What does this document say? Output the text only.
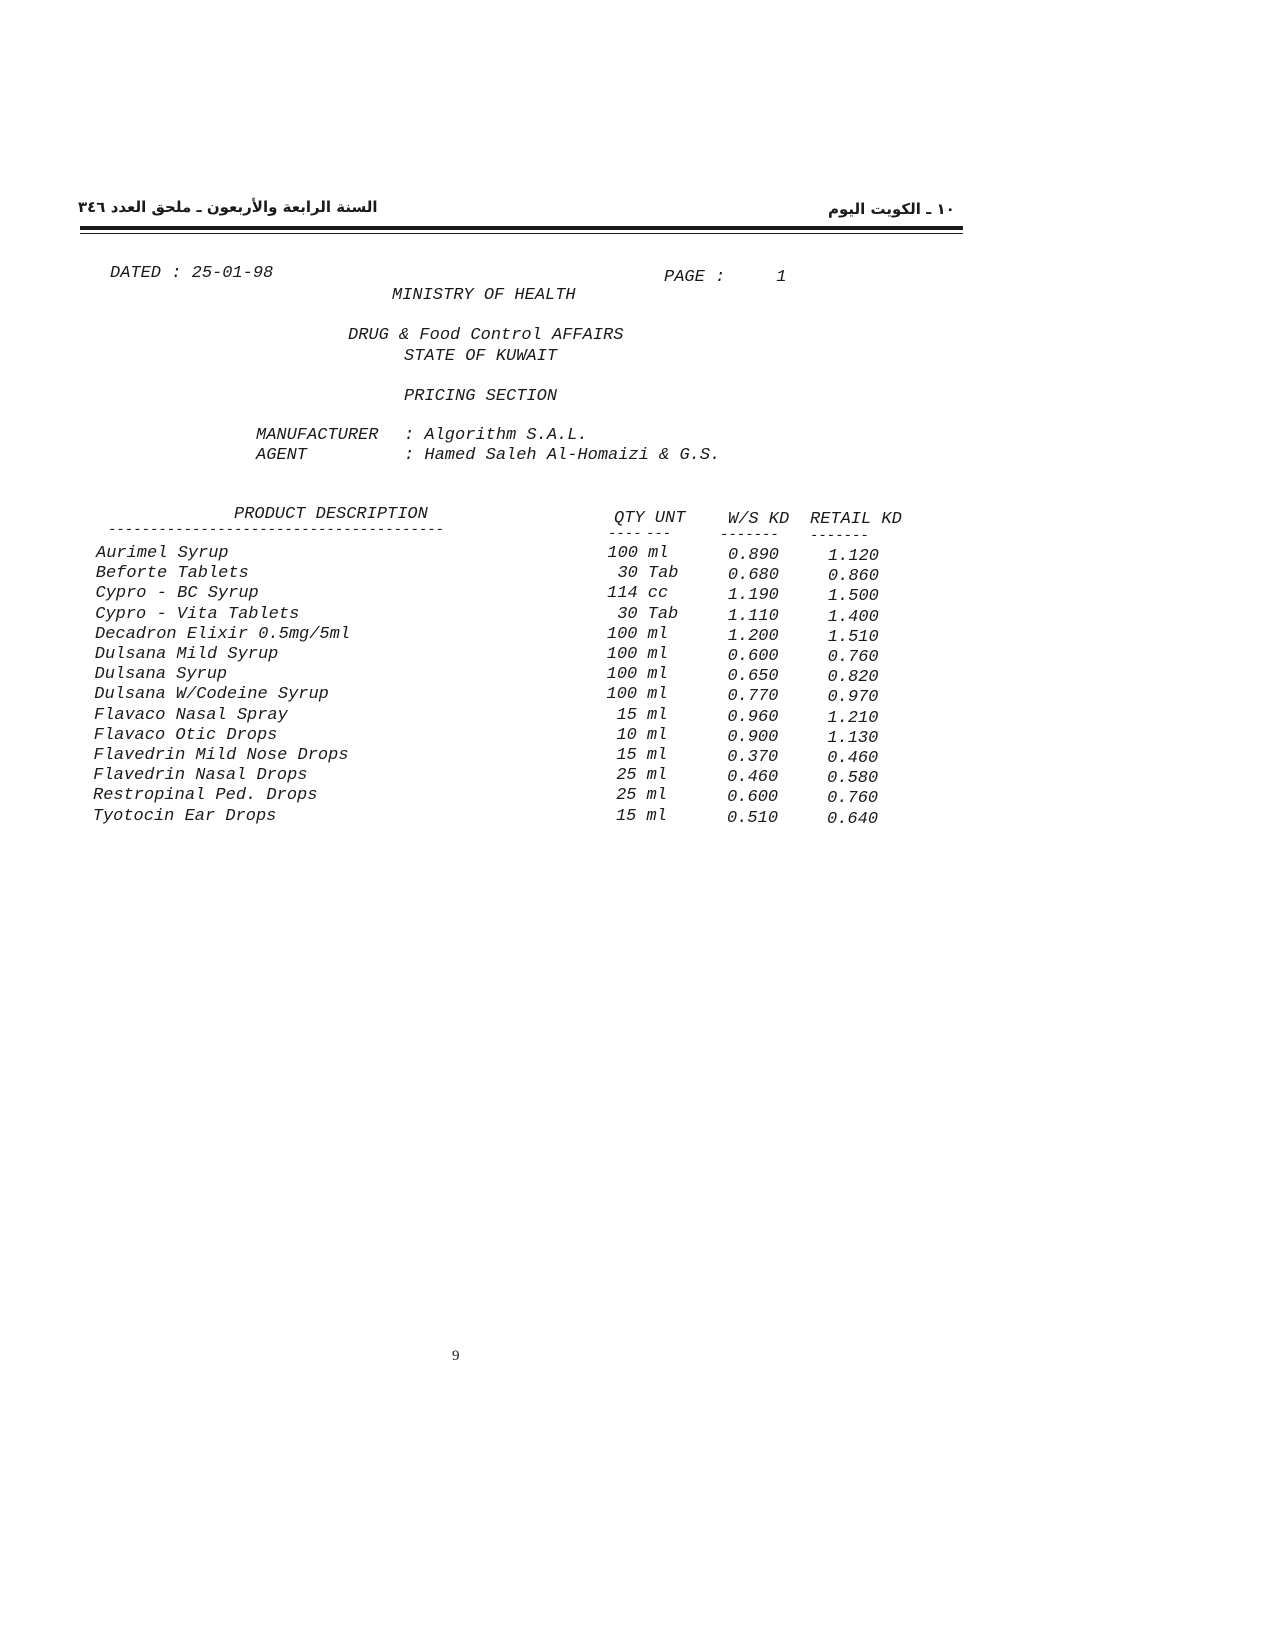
السنة الرابعة والأربعون ـ ملحق العدد ٣٤٦	١٠ ـ الكويت اليوم
DATED : 25-01-98	PAGE :     1
MINISTRY OF HEALTH
DRUG & Food Control AFFAIRS
STATE OF KUWAIT
PRICING SECTION
MANUFACTURER : Algorithm S.A.L.
AGENT	: Hamed Saleh Al-Homaizi & G.S.
PRODUCT DESCRIPTION	QTY UNT	W/S KD RETAIL KD
----------------------------------------	---- ---	------- -------
Aurimel Syrup	100 ml	0.890	1.120
Beforte Tablets	30 Tab	0.680	0.860
Cypro - BC Syrup	114 cc	1.190	1.500
Cypro - Vita Tablets	30 Tab	1.110	1.400
Decadron Elixir 0.5mg/5ml	100 ml	1.200	1.510
Dulsana Mild Syrup	100 ml	0.600	0.760
Dulsana Syrup	100 ml	0.650	0.820
Dulsana W/Codeine Syrup	100 ml	0.770	0.970
Flavaco Nasal Spray	15 ml	0.960	1.210
Flavaco Otic Drops	10 ml	0.900	1.130
Flavedrin Mild Nose Drops	15 ml	0.370	0.460
Flavedrin Nasal Drops	25 ml	0.460	0.580
Restropinal Ped. Drops	25 ml	0.600	0.760
Tyotocin Ear Drops	15 ml	0.510	0.640
9
